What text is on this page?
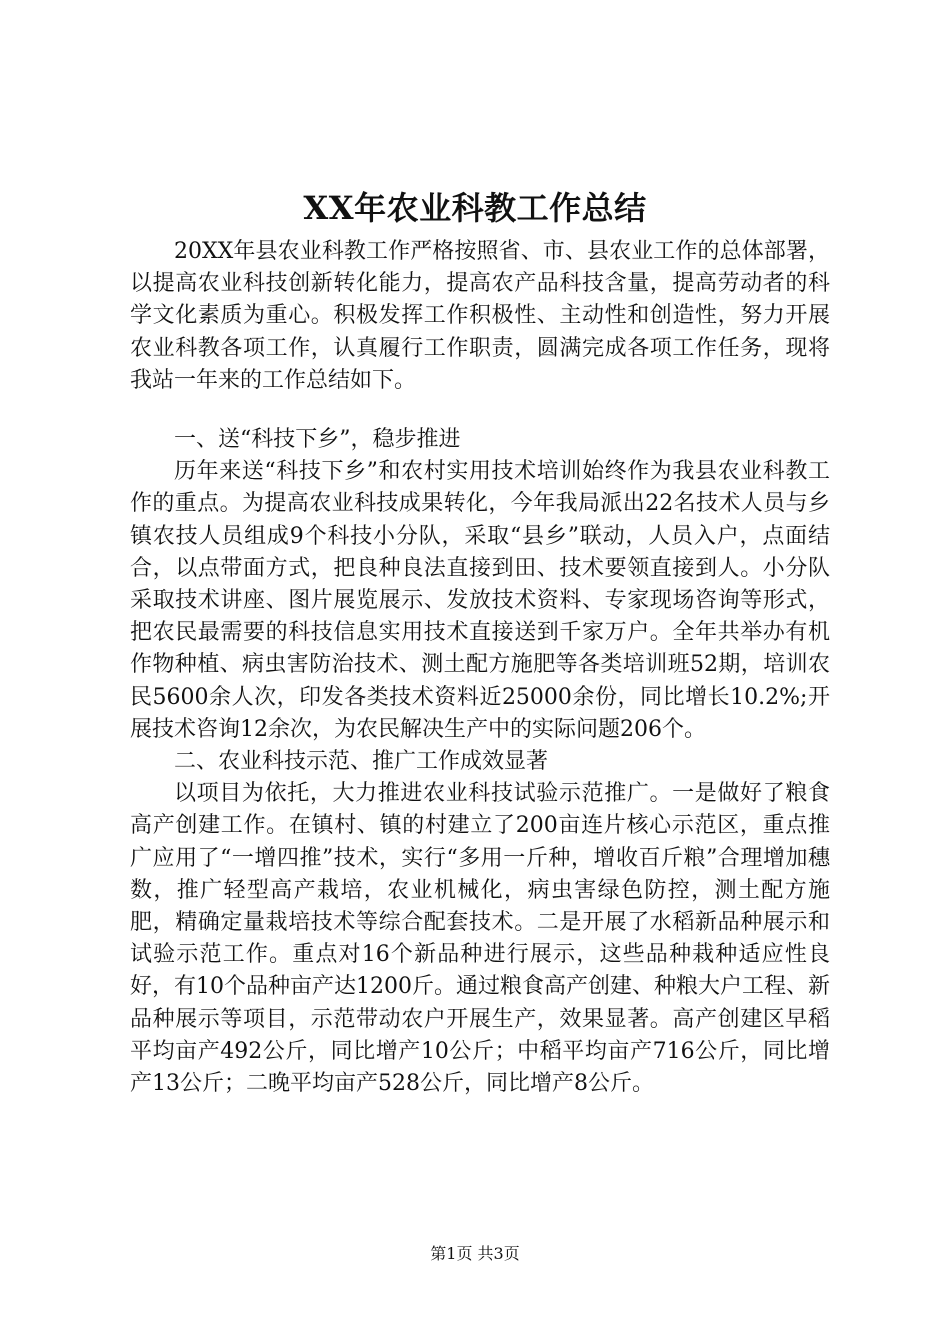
XX年农业科教工作总结

20XX年县农业科教工作严格按照省、市、县农业工作的总体部署，以提高农业科技创新转化能力，提高农产品科技含量，提高劳动者的科学文化素质为重心。积极发挥工作积极性、主动性和创造性，努力开展农业科教各项工作，认真履行工作职责，圆满完成各项工作任务，现将我站一年来的工作总结如下。

一、送“科技下乡”，稳步推进

历年来送“科技下乡”和农村实用技术培训始终作为我县农业科教工作的重点。为提高农业科技成果转化，今年我局派出22名技术人员与乡镇农技人员组成9个科技小分队，采取“县乡”联动，人员入户，点面结合，以点带面方式，把良种良法直接到田、技术要领直接到人。小分队采取技术讲座、图片展览展示、发放技术资料、专家现场咨询等形式，把农民最需要的科技信息实用技术直接送到千家万户。全年共举办有机作物种植、病虫害防治技术、测土配方施肥等各类培训班52期，培训农民5600余人次，印发各类技术资料近25000余份，同比增长10.2%;开展技术咨询12余次，为农民解决生产中的实际问题206个。

二、农业科技示范、推广工作成效显著

以项目为依托，大力推进农业科技试验示范推广。一是做好了粮食高产创建工作。在镇村、镇的村建立了200亩连片核心示范区，重点推广应用了“一增四推”技术，实行“多用一斤种，增收百斤粮”合理增加穗数，推广轻型高产栽培，农业机械化，病虫害绿色防控，测土配方施肥，精确定量栽培技术等综合配套技术。二是开展了水稻新品种展示和试验示范工作。重点对16个新品种进行展示，这些品种栽种适应性良好，有10个品种亩产达1200斤。通过粮食高产创建、种粮大户工程、新品种展示等项目，示范带动农户开展生产，效果显著。高产创建区早稻平均亩产492公斤，同比增产10公斤；中稻平均亩产716公斤，同比增产13公斤；二晚平均亩产528公斤，同比增产8公斤。

第1页 共3页
